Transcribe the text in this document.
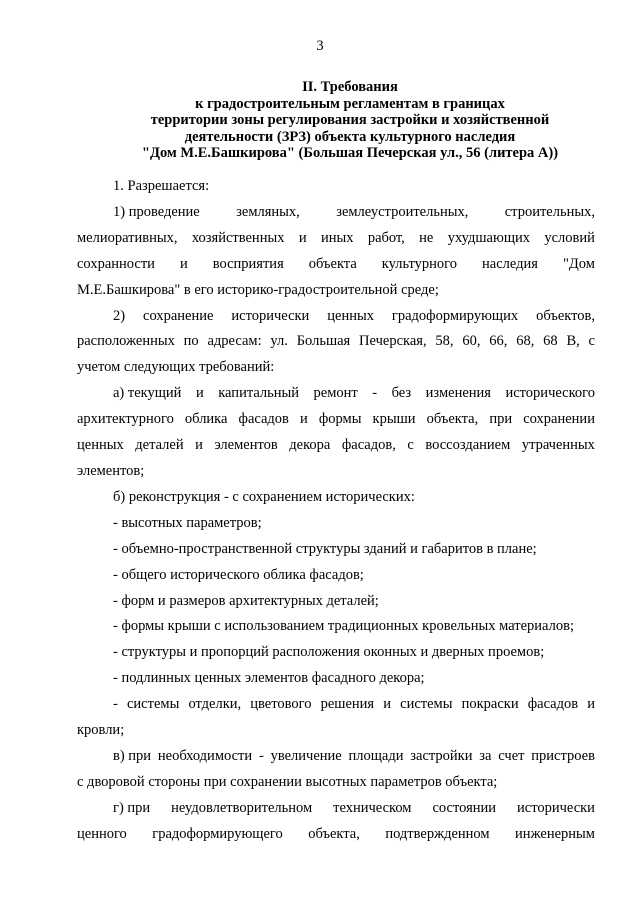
3
II. Требования
к градостроительным регламентам в границах
территории зоны регулирования застройки и хозяйственной
деятельности (ЗРЗ) объекта культурного наследия
"Дом М.Е.Башкирова" (Большая Печерская ул., 56 (литера А))
1. Разрешается:
1) проведение	земляных,	землеустроительных,	строительных,
мелиоративных, хозяйственных и иных работ, не ухудшающих условий
сохранности и восприятия объекта культурного наследия "Дом
М.Е.Башкирова" в его историко-градостроительной среде;
2) сохранение исторически ценных градоформирующих объектов,
расположенных по адресам: ул. Большая Печерская, 58, 60, 66, 68, 68 В, с
учетом следующих требований:
а) текущий и капитальный ремонт - без изменения исторического
архитектурного облика фасадов и формы крыши объекта, при сохранении
ценных деталей и элементов декора фасадов, с воссозданием утраченных
элементов;
б) реконструкция - с сохранением исторических:
- высотных параметров;
- объемно-пространственной структуры зданий и габаритов в плане;
- общего исторического облика фасадов;
- форм и размеров архитектурных деталей;
- формы крыши с использованием традиционных кровельных материалов;
- структуры и пропорций расположения оконных и дверных проемов;
- подлинных ценных элементов фасадного декора;
- системы отделки, цветового решения и системы покраски фасадов и
кровли;
в) при необходимости - увеличение площади застройки за счет пристроев
с дворовой стороны при сохранении высотных параметров объекта;
г) при неудовлетворительном техническом состоянии исторически
ценного градоформирующего объекта, подтвержденном инженерным
